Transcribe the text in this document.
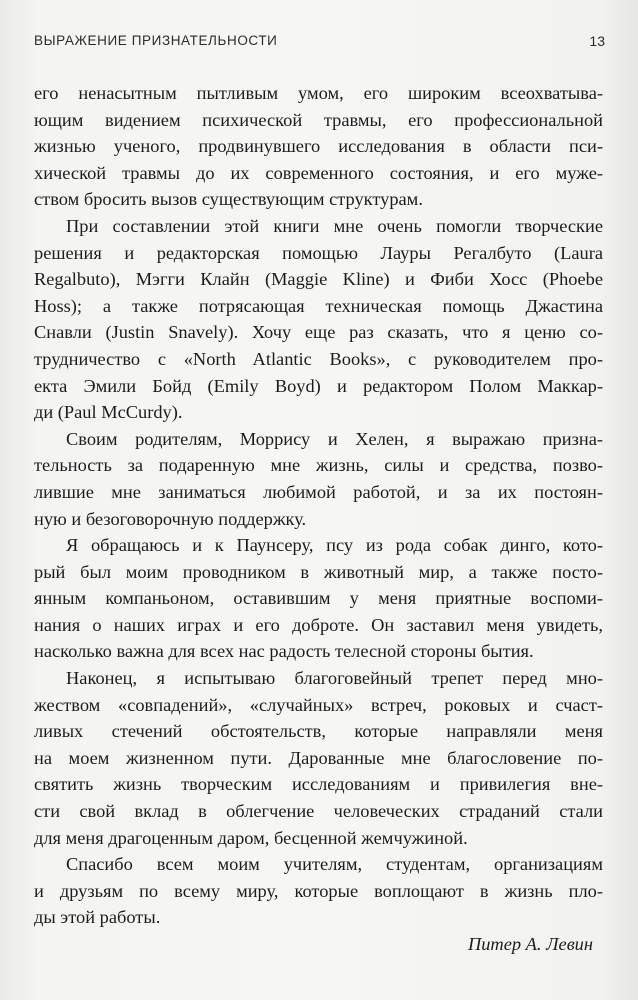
ВЫРАЖЕНИЕ ПРИЗНАТЕЛЬНОСТИ	13
его ненасытным пытливым умом, его широким всеохватыва-
ющим видением психической травмы, его профессиональной
жизнью ученого, продвинувшего исследования в области пси-
хической травмы до их современного состояния, и его муже-
ством бросить вызов существующим структурам.
При составлении этой книги мне очень помогли творческие
решения и редакторская помощью Лауры Регалбуто (Laura
Regalbuto), Мэгги Клайн (Maggie Kline) и Фиби Хосс (Phoebe
Hoss); а также потрясающая техническая помощь Джастина
Снавли (Justin Snavely). Хочу еще раз сказать, что я ценю со-
трудничество с «North Atlantic Books», с руководителем про-
екта Эмили Бойд (Emily Boyd) и редактором Полом Маккар-
ди (Paul McCurdy).
Своим родителям, Моррису и Хелен, я выражаю призна-
тельность за подаренную мне жизнь, силы и средства, позво-
лившие мне заниматься любимой работой, и за их постоян-
ную и безоговорочную поддержку.
Я обращаюсь и к Паунсеру, псу из рода собак динго, кото-
рый был моим проводником в животный мир, а также посто-
янным компаньоном, оставившим у меня приятные воспоми-
нания о наших играх и его доброте. Он заставил меня увидеть,
насколько важна для всех нас радость телесной стороны бытия.
Наконец, я испытываю благоговейный трепет перед мно-
жеством «совпадений», «случайных» встреч, роковых и счаст-
ливых стечений обстоятельств, которые направляли меня
на моем жизненном пути. Дарованные мне благословение по-
святить жизнь творческим исследованиям и привилегия вне-
сти свой вклад в облегчение человеческих страданий стали
для меня драгоценным даром, бесценной жемчужиной.
Спасибо всем моим учителям, студентам, организациям
и друзьям по всему миру, которые воплощают в жизнь пло-
ды этой работы.
Питер А. Левин
